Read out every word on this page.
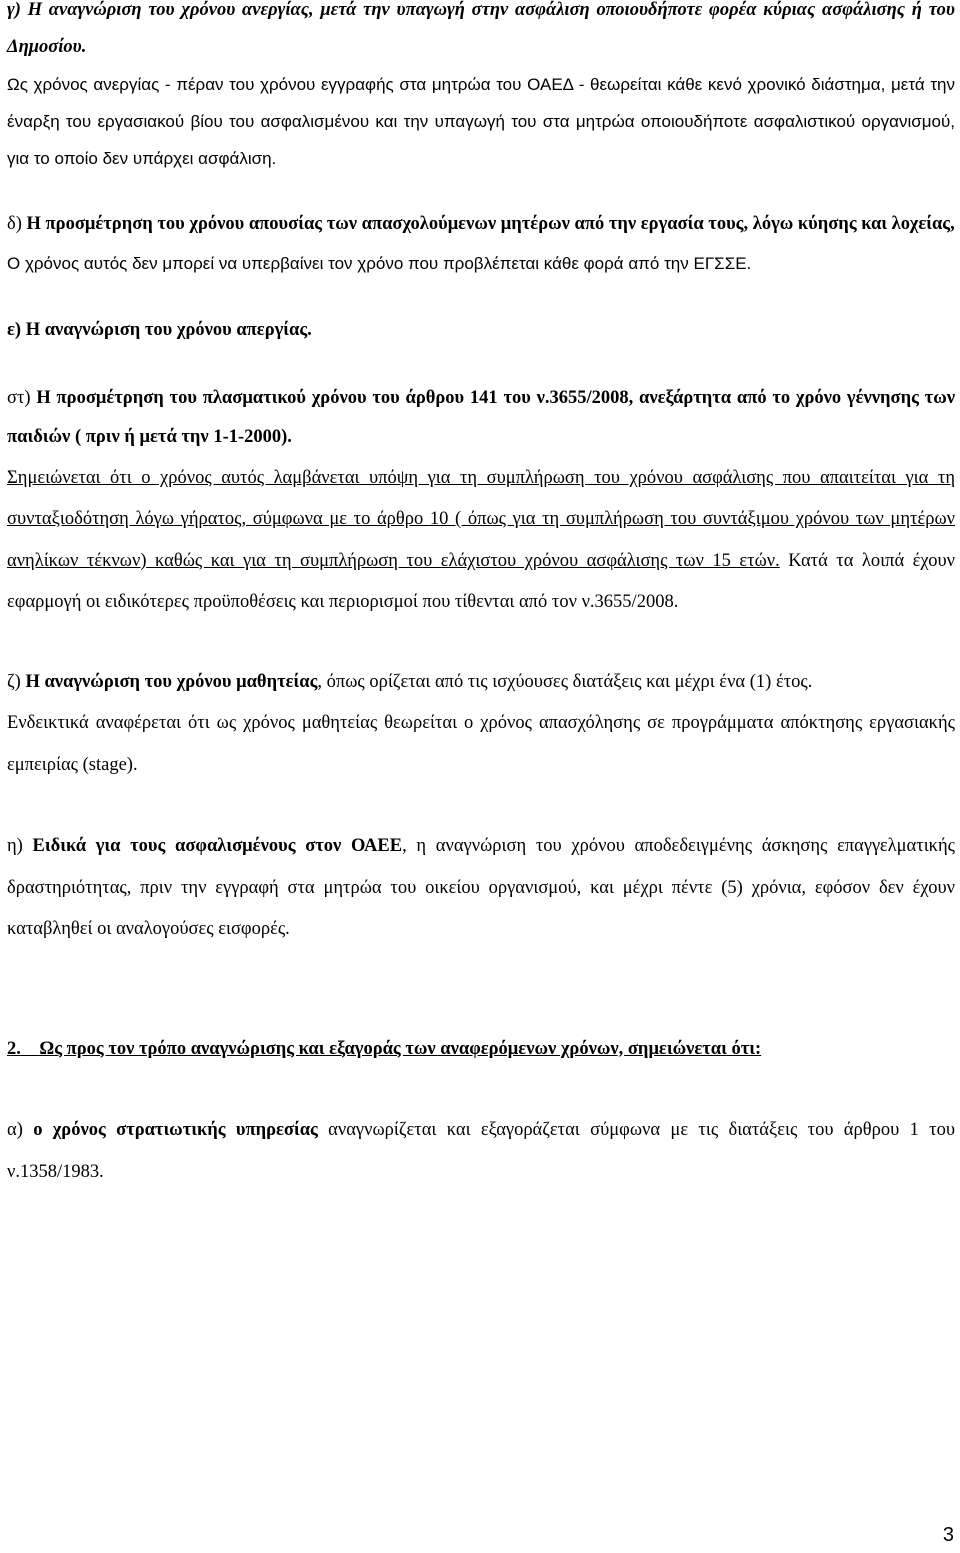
γ) Η αναγνώριση του χρόνου ανεργίας, μετά την υπαγωγή στην ασφάλιση οποιουδήποτε φορέα κύριας ασφάλισης ή του Δημοσίου.

Ως χρόνος ανεργίας - πέραν του χρόνου εγγραφής στα μητρώα του ΟΑΕΔ - θεωρείται κάθε κενό χρονικό διάστημα, μετά την έναρξη του εργασιακού βίου του ασφαλισμένου και την υπαγωγή του στα μητρώα οποιουδήποτε ασφαλιστικού οργανισμού, για το οποίο δεν υπάρχει ασφάλιση.

δ) Η προσμέτρηση του χρόνου απουσίας των απασχολούμενων μητέρων από την εργασία τους, λόγω κύησης και λοχείας,

Ο χρόνος αυτός δεν μπορεί να υπερβαίνει τον χρόνο που προβλέπεται κάθε φορά από την ΕΓΣΣΕ.

ε) Η αναγνώριση του χρόνου απεργίας.

στ) Η προσμέτρηση του πλασματικού χρόνου του άρθρου 141 του ν.3655/2008, ανεξάρτητα από το χρόνο γέννησης των παιδιών ( πριν ή μετά την 1-1-2000).

Σημειώνεται ότι ο χρόνος αυτός λαμβάνεται υπόψη για τη συμπλήρωση του χρόνου ασφάλισης που απαιτείται για τη συνταξιοδότηση λόγω γήρατος, σύμφωνα με το άρθρο 10 ( όπως για τη συμπλήρωση του συντάξιμου χρόνου των μητέρων ανηλίκων τέκνων) καθώς και για τη συμπλήρωση του ελάχιστου χρόνου ασφάλισης των 15 ετών. Κατά τα λοιπά έχουν εφαρμογή οι ειδικότερες προϋποθέσεις και περιορισμοί που τίθενται από τον ν.3655/2008.

ζ) Η αναγνώριση του χρόνου μαθητείας, όπως ορίζεται από τις ισχύουσες διατάξεις και μέχρι ένα (1) έτος.

Ενδεικτικά αναφέρεται ότι ως χρόνος μαθητείας θεωρείται ο χρόνος απασχόλησης σε προγράμματα απόκτησης εργασιακής εμπειρίας (stage).

η) Ειδικά για τους ασφαλισμένους στον ΟΑΕΕ, η αναγνώριση του χρόνου αποδεδειγμένης άσκησης επαγγελματικής δραστηριότητας, πριν την εγγραφή στα μητρώα του οικείου οργανισμού, και μέχρι πέντε (5) χρόνια, εφόσον δεν έχουν καταβληθεί οι αναλογούσες εισφορές.

2. Ως προς τον τρόπο αναγνώρισης και εξαγοράς των αναφερόμενων χρόνων, σημειώνεται ότι:

α) ο χρόνος στρατιωτικής υπηρεσίας αναγνωρίζεται και εξαγοράζεται σύμφωνα με τις διατάξεις του άρθρου 1 του ν.1358/1983.

3
